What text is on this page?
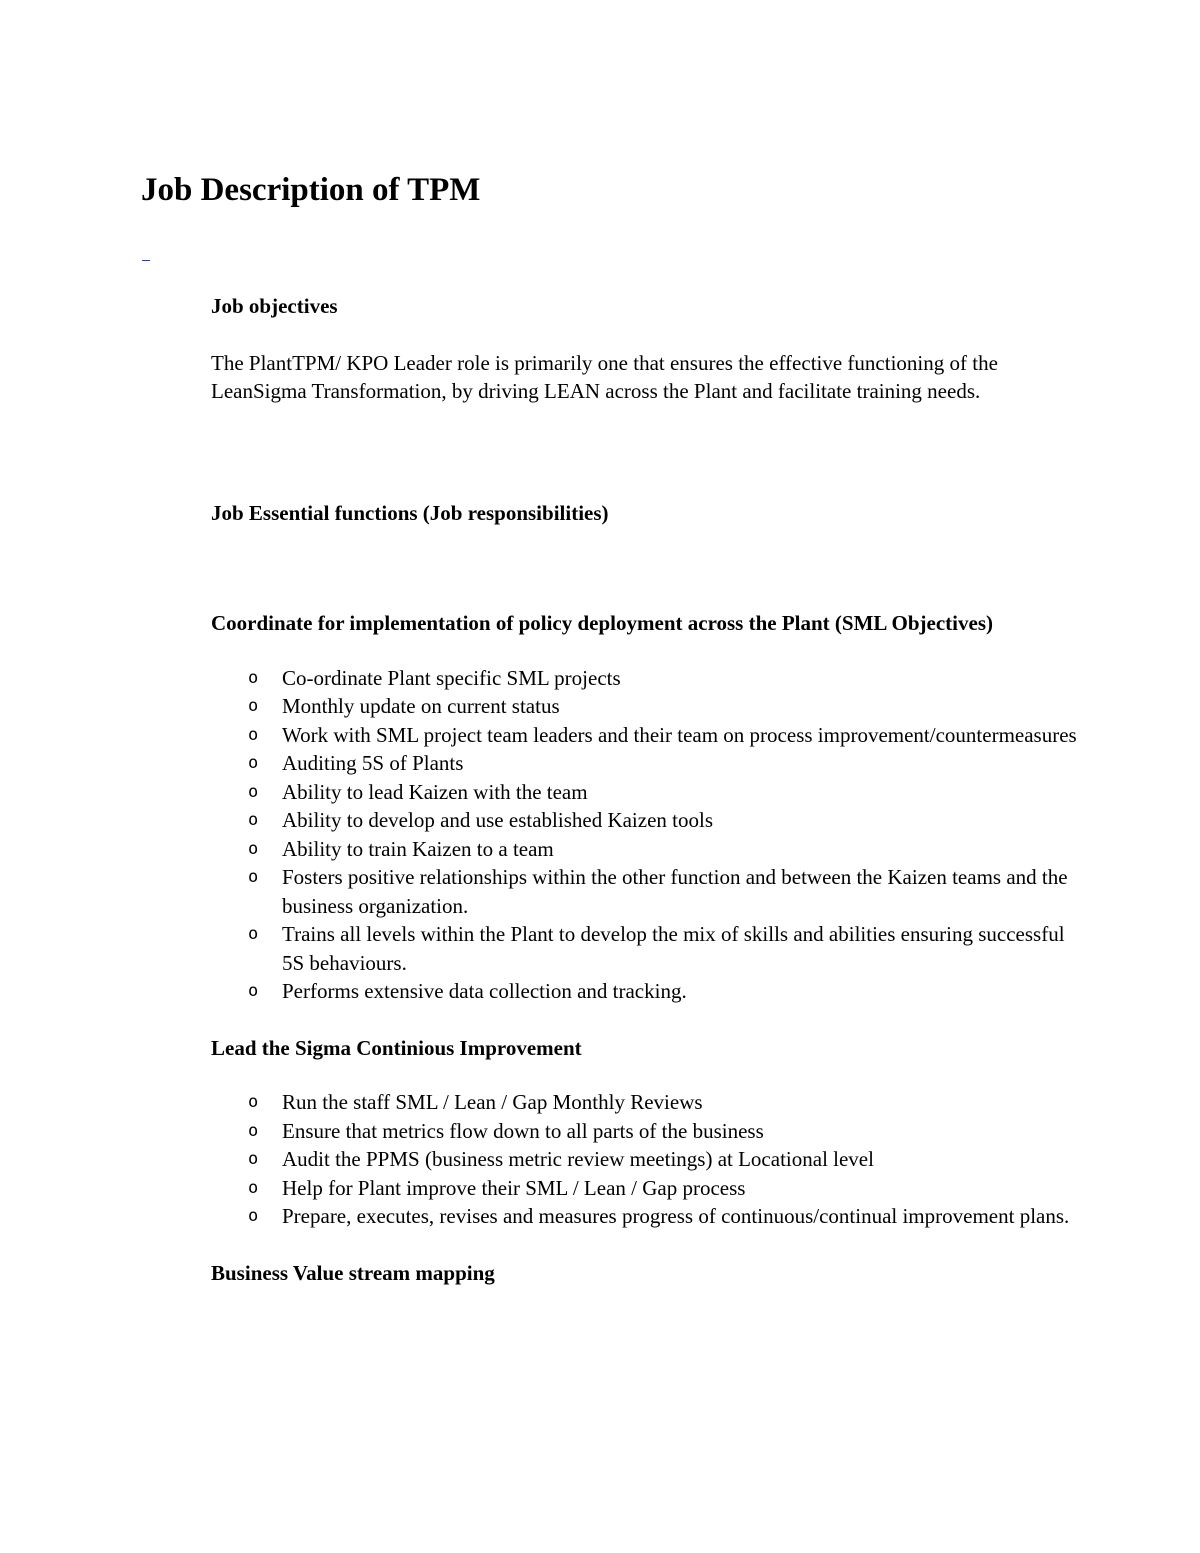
Job Description of TPM
Job objectives

The PlantTPM/ KPO Leader role is primarily one that ensures the effective functioning of the LeanSigma Transformation, by driving LEAN across the Plant and facilitate training needs.

Job Essential functions (Job responsibilities)
Coordinate for implementation of policy deployment across the Plant (SML Objectives)
o Co-ordinate Plant specific SML projects
o Monthly update on current status
o Work with SML project team leaders and their team on process improvement/countermeasures
o Auditing 5S of Plants
o Ability to lead Kaizen with the team
o Ability to develop and use established Kaizen tools
o Ability to train Kaizen to a team
o Fosters positive relationships within the other function and between the Kaizen teams and the business organization.
o Trains all levels within the Plant to develop the mix of skills and abilities ensuring successful 5S behaviours.
o Performs extensive data collection and tracking.
Lead the Sigma Continious Improvement
o Run the staff SML / Lean / Gap Monthly Reviews
o Ensure that metrics flow down to all parts of the business
o Audit the PPMS (business metric review meetings) at Locational level
o Help for Plant improve their SML / Lean / Gap process
o Prepare, executes, revises and measures progress of continuous/continual improvement plans.
Business Value stream mapping
